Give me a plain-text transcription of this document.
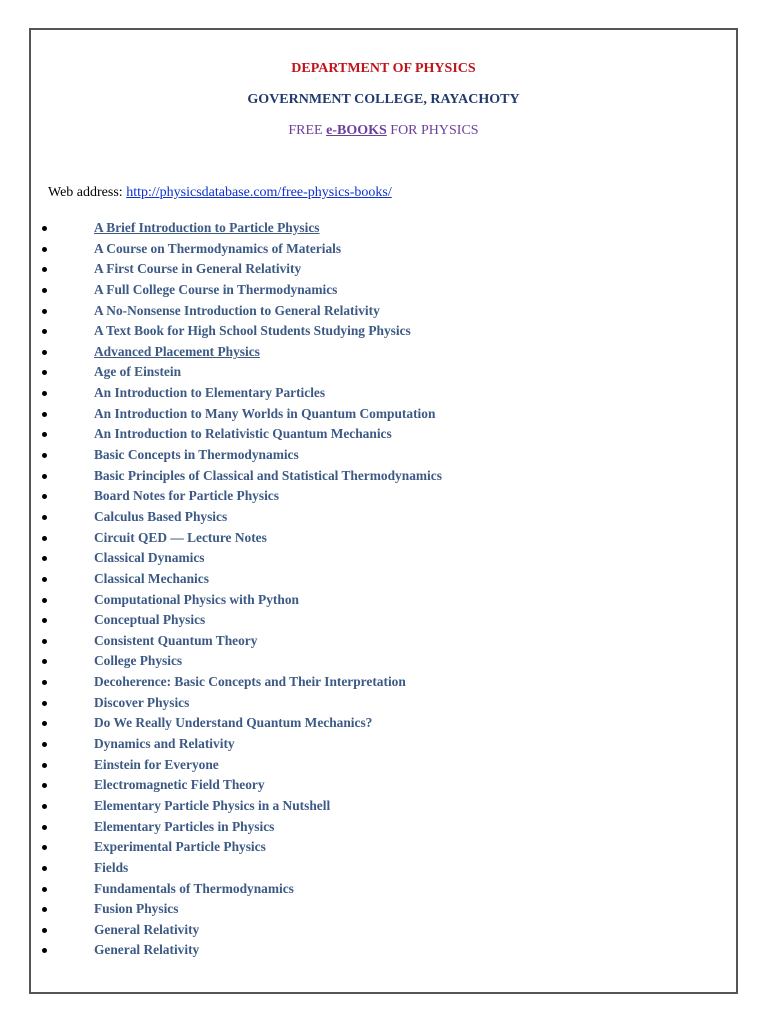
DEPARTMENT OF PHYSICS
GOVERNMENT COLLEGE, RAYACHOTY
FREE e-BOOKS FOR PHYSICS
Web address: http://physicsdatabase.com/free-physics-books/
A Brief Introduction to Particle Physics
A Course on Thermodynamics of Materials
A First Course in General Relativity
A Full College Course in Thermodynamics
A No-Nonsense Introduction to General Relativity
A Text Book for High School Students Studying Physics
Advanced Placement Physics
Age of Einstein
An Introduction to Elementary Particles
An Introduction to Many Worlds in Quantum Computation
An Introduction to Relativistic Quantum Mechanics
Basic Concepts in Thermodynamics
Basic Principles of Classical and Statistical Thermodynamics
Board Notes for Particle Physics
Calculus Based Physics
Circuit QED — Lecture Notes
Classical Dynamics
Classical Mechanics
Computational Physics with Python
Conceptual Physics
Consistent Quantum Theory
College Physics
Decoherence: Basic Concepts and Their Interpretation
Discover Physics
Do We Really Understand Quantum Mechanics?
Dynamics and Relativity
Einstein for Everyone
Electromagnetic Field Theory
Elementary Particle Physics in a Nutshell
Elementary Particles in Physics
Experimental Particle Physics
Fields
Fundamentals of Thermodynamics
Fusion Physics
General Relativity
General Relativity
